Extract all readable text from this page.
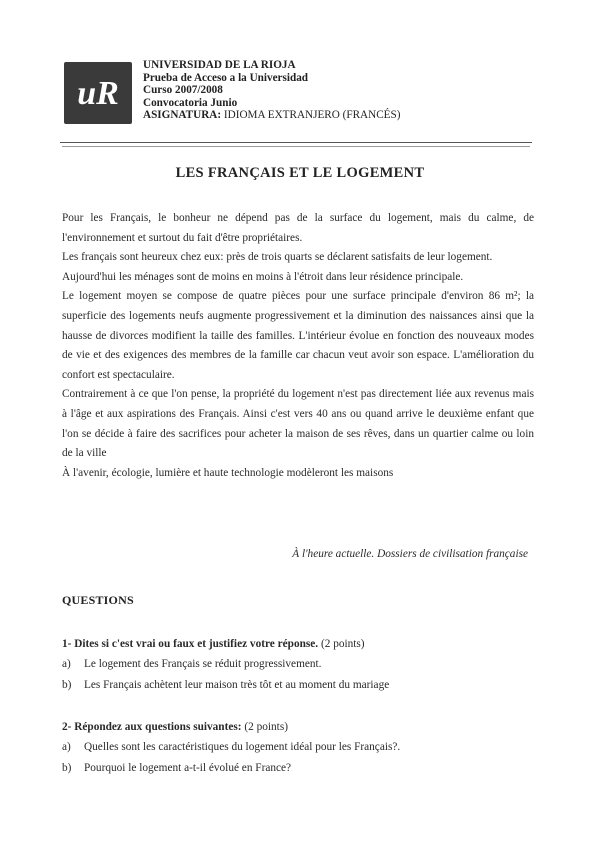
uR
UNIVERSIDAD DE LA RIOJA
Prueba de Acceso a la Universidad
Curso 2007/2008
Convocatoria Junio
ASIGNATURA: IDIOMA EXTRANJERO (FRANCÉS)
LES FRANÇAIS ET LE LOGEMENT

Pour les Français, le bonheur ne dépend pas de la surface du logement, mais du calme, de l'environnement et surtout du fait d'être propriétaires.

Les français sont heureux chez eux: près de trois quarts se déclarent satisfaits de leur logement.

Aujourd'hui les ménages sont de moins en moins à l'étroit dans leur résidence principale.

Le logement moyen se compose de quatre pièces pour une surface principale d'environ 86 m²; la superficie des logements neufs augmente progressivement et la diminution des naissances ainsi que la hausse de divorces modifient la taille des familles. L'intérieur évolue en fonction des nouveaux modes de vie et des exigences des membres de la famille car chacun veut avoir son espace. L'amélioration du confort est spectaculaire.

Contrairement à ce que l'on pense, la propriété du logement n'est pas directement liée aux revenus mais à l'âge et aux aspirations des Français. Ainsi c'est vers 40 ans ou quand arrive le deuxième enfant que l'on se décide à faire des sacrifices pour acheter la maison de ses rêves, dans un quartier calme ou loin de la ville

À l'avenir, écologie, lumière et haute technologie modèleront les maisons

À l'heure actuelle. Dossiers de civilisation française
QUESTIONS
1- Dites si c'est vrai ou faux et justifiez votre réponse. (2 points)
a) Le logement des Français se réduit progressivement.
b) Les Français achètent leur maison très tôt et au moment du mariage
2- Répondez aux questions suivantes: (2 points)
a) Quelles sont les caractéristiques du logement idéal pour les Français?.
b) Pourquoi le logement a-t-il évolué en France?
